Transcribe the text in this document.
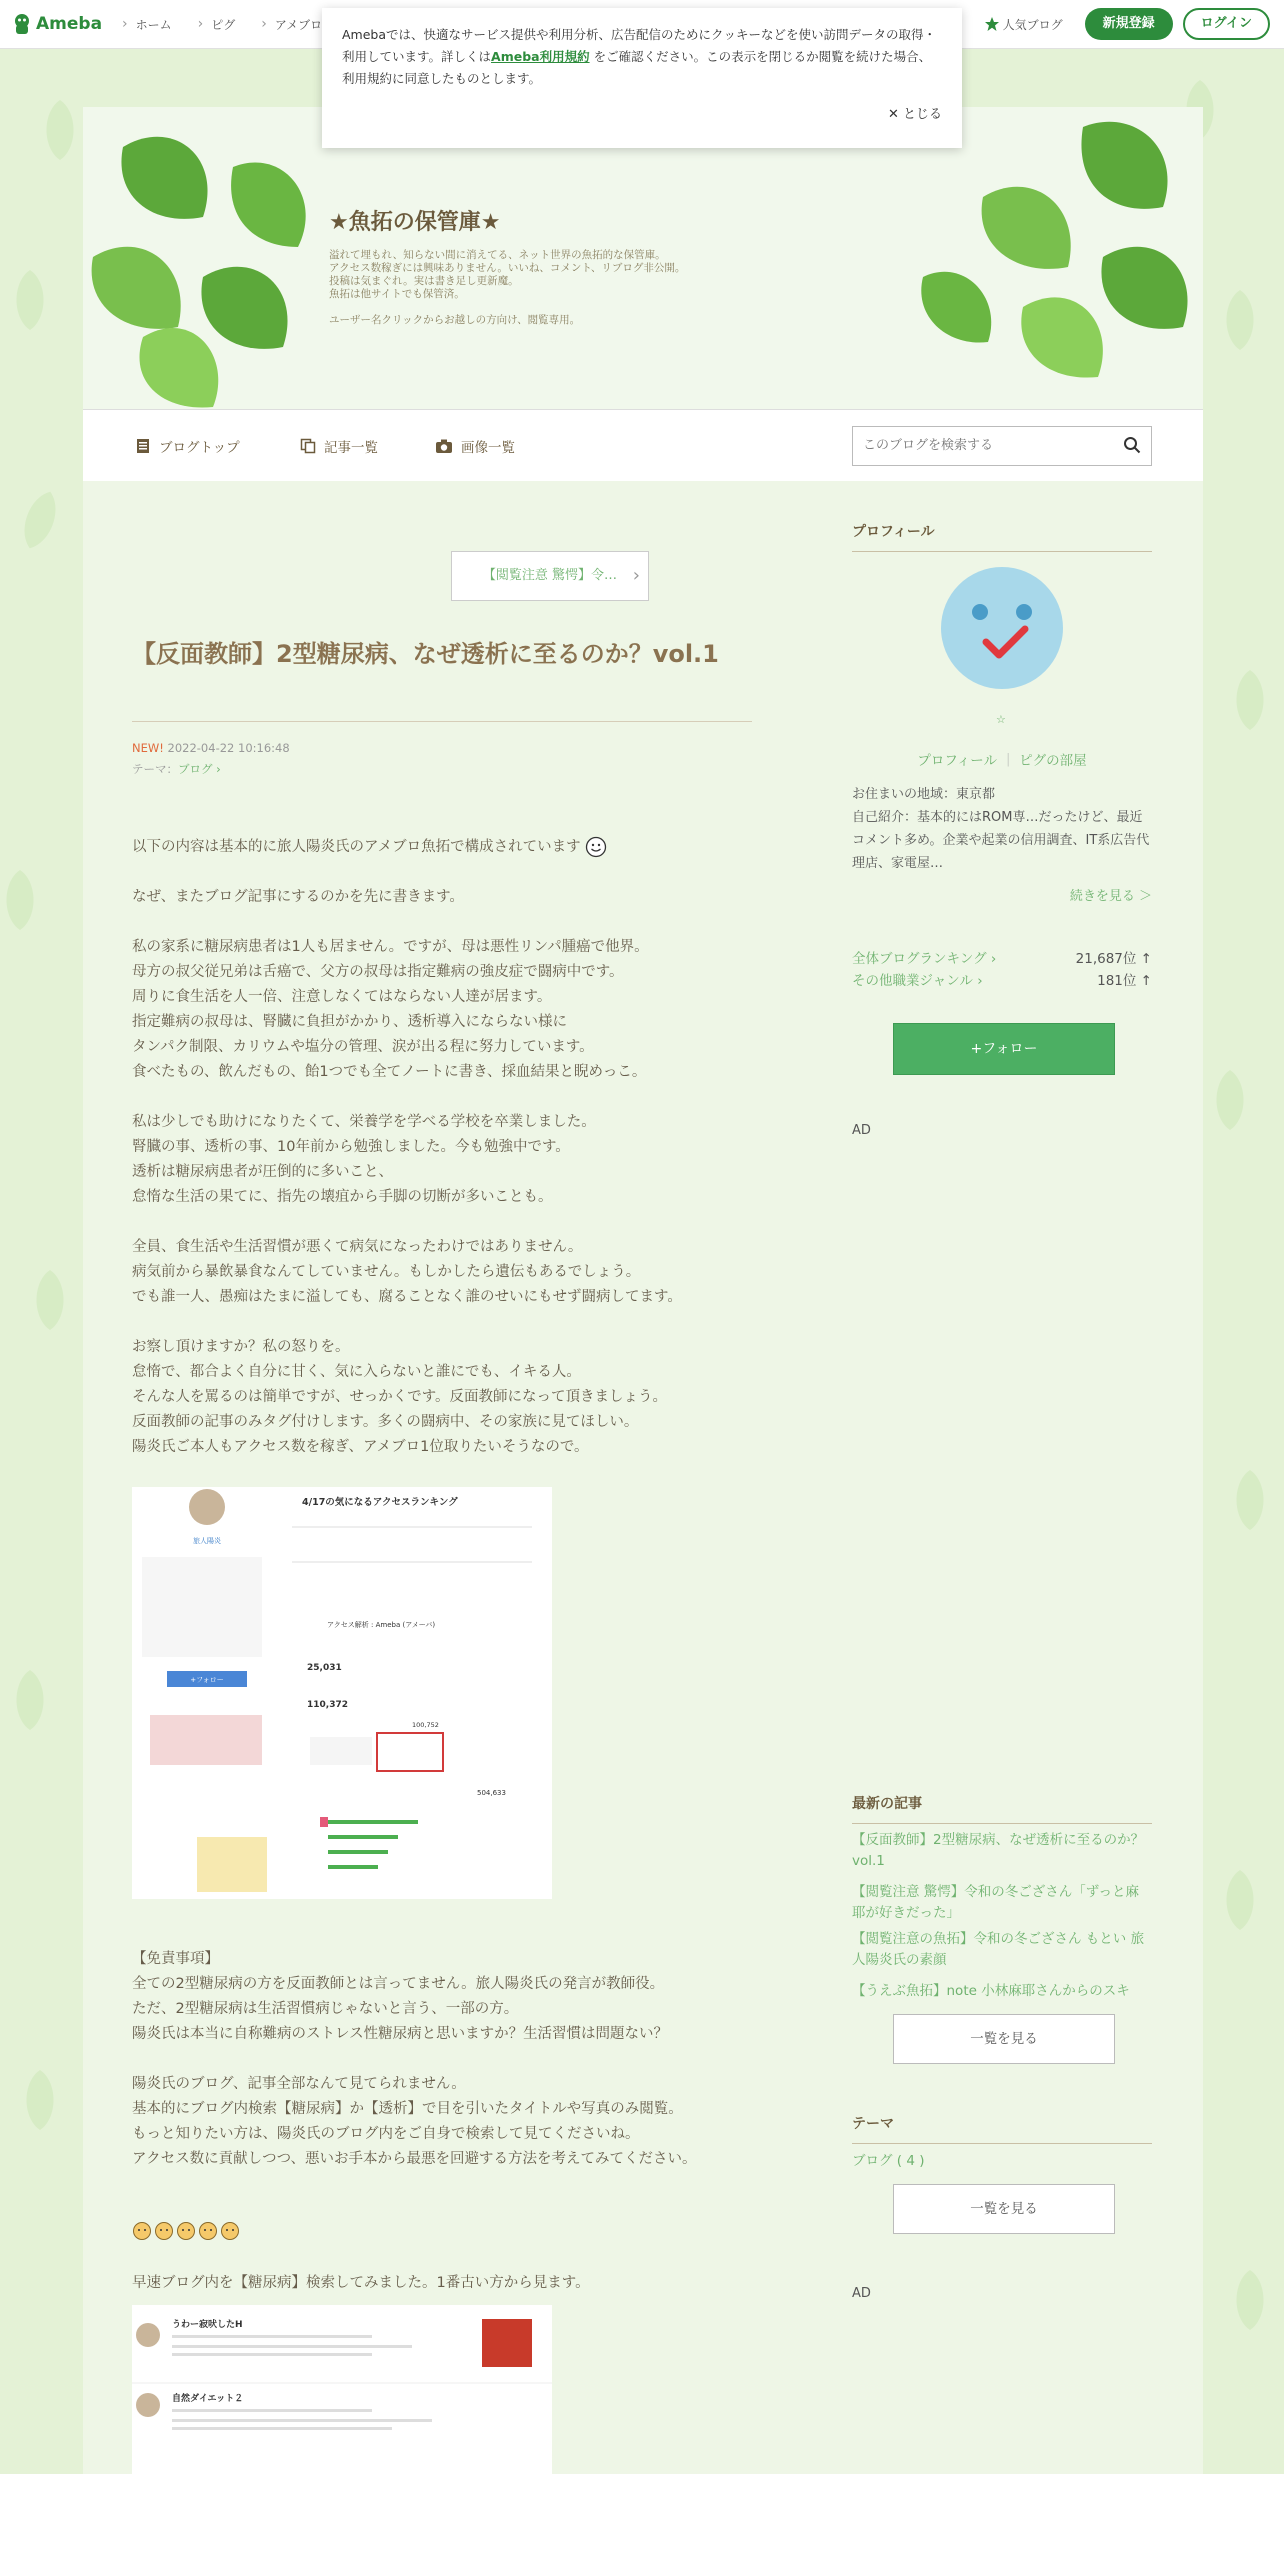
Ameba	› ホーム	› ピグ	› アメブロ	人気ブログ	新規登録	ログイン

Amebaでは、快適なサービス提供や利用分析、広告配信のためにクッキーなどを使い訪問データの取得・利用しています。詳しくはAmeba利用規約 をご確認ください。この表示を閉じるか閲覧を続けた場合、利用規約に同意したものとします。

✕ とじる
★魚拓の保管庫★
溢れて埋もれ、知らない間に消えてる、ネット世界の魚拓的な保管庫。
アクセス数稼ぎには興味ありません。いいね、コメント、リブログ非公開。
投稿は気まぐれ。実は書き足し更新魔。
魚拓は他サイトでも保管済。

ユーザー名クリックからお越しの方向け、閲覧専用。
ブログトップ	記事一覧	画像一覧
このブログを検索する
【閲覧注意 驚愕】令… ›
【反面教師】2型糖尿病、なぜ透析に至るのか？vol.1
NEW! 2022-04-22 10:16:48
テーマ：ブログ ›
以下の内容は基本的に旅人陽炎氏のアメブロ魚拓で構成されています
なぜ、またブログ記事にするのかを先に書きます。
私の家系に糖尿病患者は1人も居ません。ですが、母は悪性リンパ腫癌で他界。
母方の叔父従兄弟は舌癌で、父方の叔母は指定難病の強皮症で闘病中です。
周りに食生活を人一倍、注意しなくてはならない人達が居ます。
指定難病の叔母は、腎臓に負担がかかり、透析導入にならない様に
タンパク制限、カリウムや塩分の管理、涙が出る程に努力しています。
食べたもの、飲んだもの、飴1つでも全てノートに書き、採血結果と睨めっこ。
私は少しでも助けになりたくて、栄養学を学べる学校を卒業しました。
腎臓の事、透析の事、10年前から勉強しました。今も勉強中です。
透析は糖尿病患者が圧倒的に多いこと、
怠惰な生活の果てに、指先の壊疽から手脚の切断が多いことも。
全員、食生活や生活習慣が悪くて病気になったわけではありません。
病気前から暴飲暴食なんてしていません。もしかしたら遺伝もあるでしょう。
でも誰一人、愚痴はたまに溢しても、腐ることなく誰のせいにもせず闘病してます。
お察し頂けますか？私の怒りを。
怠惰で、都合よく自分に甘く、気に入らないと誰にでも、イキる人。
そんな人を罵るのは簡単ですが、せっかくです。反面教師になって頂きましょう。
反面教師の記事のみタグ付けします。多くの闘病中、その家族に見てほしい。
陽炎氏ご本人もアクセス数を稼ぎ、アメブロ1位取りたいそうなので。
旅人陽炎
+フォロー
4/17の気になるアクセスランキング
アクセス解析 : Ameba (アメーバ)
25,031
110,372
100,752
504,633
【免責事項】
全ての2型糖尿病の方を反面教師とは言ってません。旅人陽炎氏の発言が教師役。
ただ、2型糖尿病は生活習慣病じゃないと言う、一部の方。
陽炎氏は本当に自称難病のストレス性糖尿病と思いますか？生活習慣は問題ない？
陽炎氏のブログ、記事全部なんて見てられません。
基本的にブログ内検索【糖尿病】か【透析】で目を引いたタイトルや写真のみ閲覧。
もっと知りたい方は、陽炎氏のブログ内をご自身で検索して見てくださいね。
アクセス数に貢献しつつ、悪いお手本から最悪を回避する方法を考えてみてください。
早速ブログ内を【糖尿病】検索してみました。1番古い方から見ます。
うわー寂吠したH
自然ダイエット２
プロフィール
☆
プロフィール ｜ ピグの部屋
お住まいの地域：東京都
自己紹介：基本的にはROM専…だったけど、最近コメント多め。企業や起業の信用調査、IT系広告代理店、家電屋…
続きを見る ＞
全体ブログランキング ›	21,687位 ↑
その他職業ジャンル ›	181位 ↑
+フォロー
AD
最新の記事
【反面教師】2型糖尿病、なぜ透析に至るのか？vol.1
【閲覧注意 驚愕】令和の冬ござさん「ずっと麻耶が好きだった」
【閲覧注意の魚拓】令和の冬ござさん もとい 旅人陽炎氏の素顔
【うえぶ魚拓】note 小林麻耶さんからのスキ
一覧を見る
テーマ
ブログ ( 4 )
一覧を見る
AD
